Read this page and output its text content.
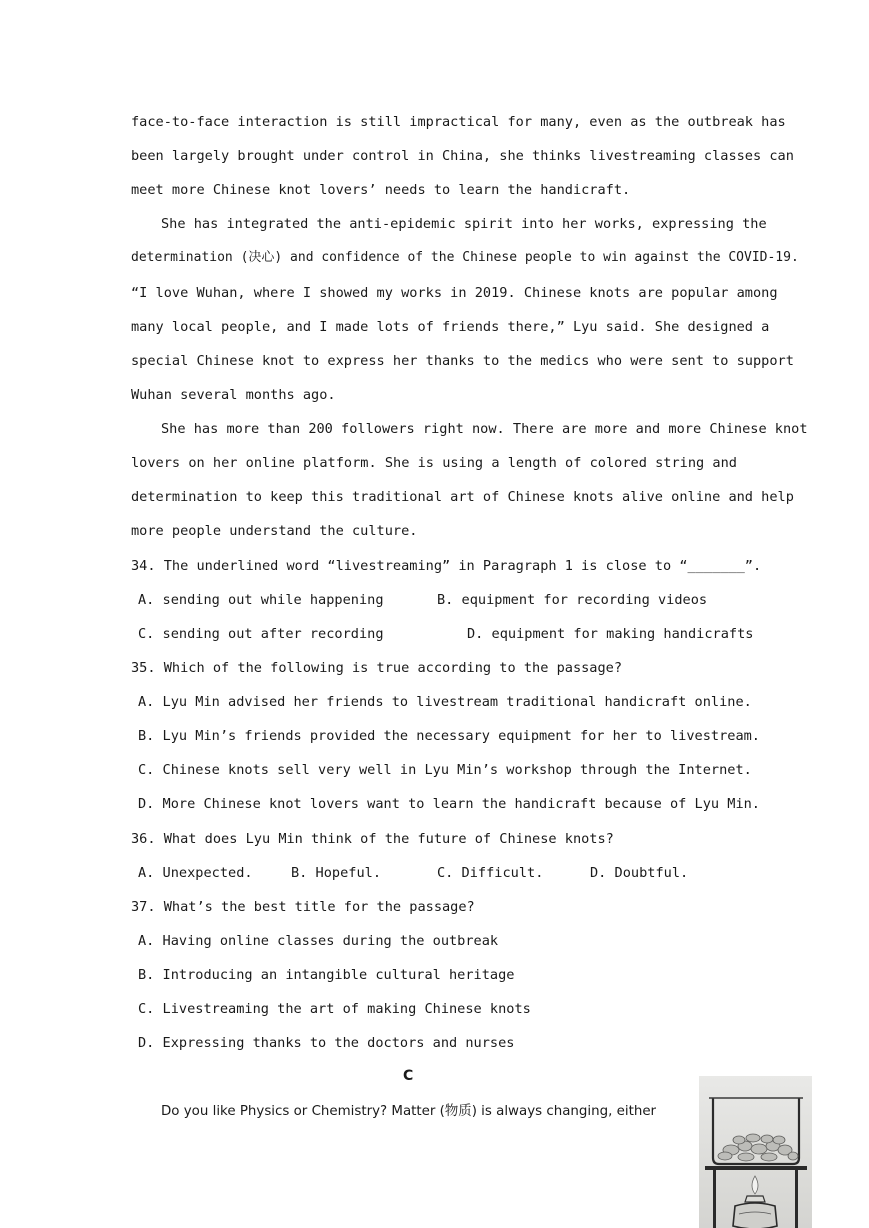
face-to-face interaction is still impractical for many, even as the outbreak has
been largely brought under control in China, she thinks livestreaming classes can
meet more Chinese knot lovers’ needs to learn the handicraft.
She has integrated the anti-epidemic spirit into her works, expressing the
determination (决心) and confidence of the Chinese people to win against the COVID-19.
“I love Wuhan, where I showed my works in 2019. Chinese knots are popular among
many local people, and I made lots of friends there,” Lyu said. She designed a
special Chinese knot to express her thanks to the medics who were sent to support
Wuhan several months ago.
She has more than 200 followers right now. There are more and more Chinese knot
lovers on her online platform. She is using a length of colored string and
determination to keep this traditional art of Chinese knots alive online and help
more people understand the culture.
34. The underlined word “livestreaming” in Paragraph 1 is close to “_______”.
A. sending out while happening	B. equipment for recording videos
C. sending out after recording	D. equipment for making handicrafts
35. Which of the following is true according to the passage?
A. Lyu Min advised her friends to livestream traditional handicraft online.
B. Lyu Min’s friends provided the necessary equipment for her to livestream.
C. Chinese knots sell very well in Lyu Min’s workshop through the Internet.
D. More Chinese knot lovers want to learn the handicraft because of Lyu Min.
36. What does Lyu Min think of the future of Chinese knots?
A. Unexpected.	B. Hopeful.	C. Difficult.	D. Doubtful.
37. What’s the best title for the passage?
A. Having online classes during the outbreak
B. Introducing an intangible cultural heritage
C. Livestreaming the art of making Chinese knots
D. Expressing thanks to the doctors and nurses
C
Do you like Physics or Chemistry? Matter (物质) is always changing, either
